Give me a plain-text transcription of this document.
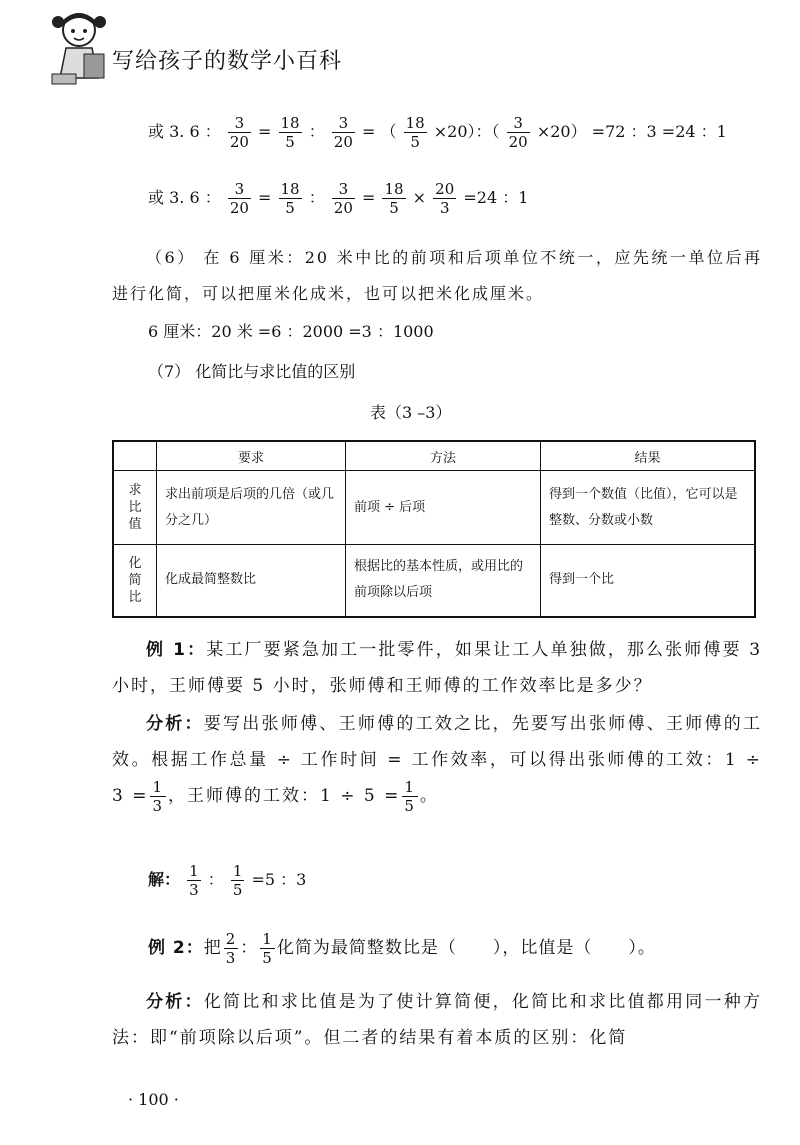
写给孩子的数学小百科
或 3. 6 ： $\frac{3}{20} = \frac{18}{5}$ ： $\frac{3}{20}$ = （ $\frac{18}{5} \times 20$）：（ $\frac{3}{20} \times 20) =72$ ：3 =24 ：1
或 3. 6 ： $\frac{3}{20} = \frac{18}{5}$ ： $\frac{3}{20} = \frac{18}{5} \times \frac{20}{3} =24$ ：1
（6） 在 6 厘米：20 米中比的前项和后项单位不统一，应先统一单位后再进行化简，可以把厘米化成米，也可以把米化成厘米。
6 厘米：20 米 =6 ：2000 =3 ：1000
（7） 化简比与求比值的区别
表（3 –3）
	要求	方法	结果
求比值	求出前项是后项的几倍（或几分之几）	前项 ÷ 后项	得到一个数值（比值），它可以是整数、分数或小数
化简比	化成最简整数比	根据比的基本性质，或用比的前项除以后项	得到一个比
例 1：某工厂要紧急加工一批零件，如果让工人单独做，那么张师傅要 3 小时，王师傅要 5 小时，张师傅和王师傅的工作效率比是多少？
分析：要写出张师傅、王师傅的工效之比，先要写出张师傅、王师傅的工效。根据工作总量 ÷ 工作时间 = 工作效率，可以得出张师傅的工效：$1 \div 3 = \frac{1}{3}$ ，王师傅的工效：$1 \div 5 = \frac{1}{5}$ 。
解： $\frac{1}{3}$ ： $\frac{1}{5} =5$ ：3
例 2：把 $\frac{2}{3}$ ： $\frac{1}{5}$ 化简为最简整数比是（　　），比值是（　　）。
分析：化简比和求比值是为了使计算简便，化简比和求比值都用同一种方法：即“前项除以后项”。但二者的结果有着本质的区别：化简
· 100 ·
